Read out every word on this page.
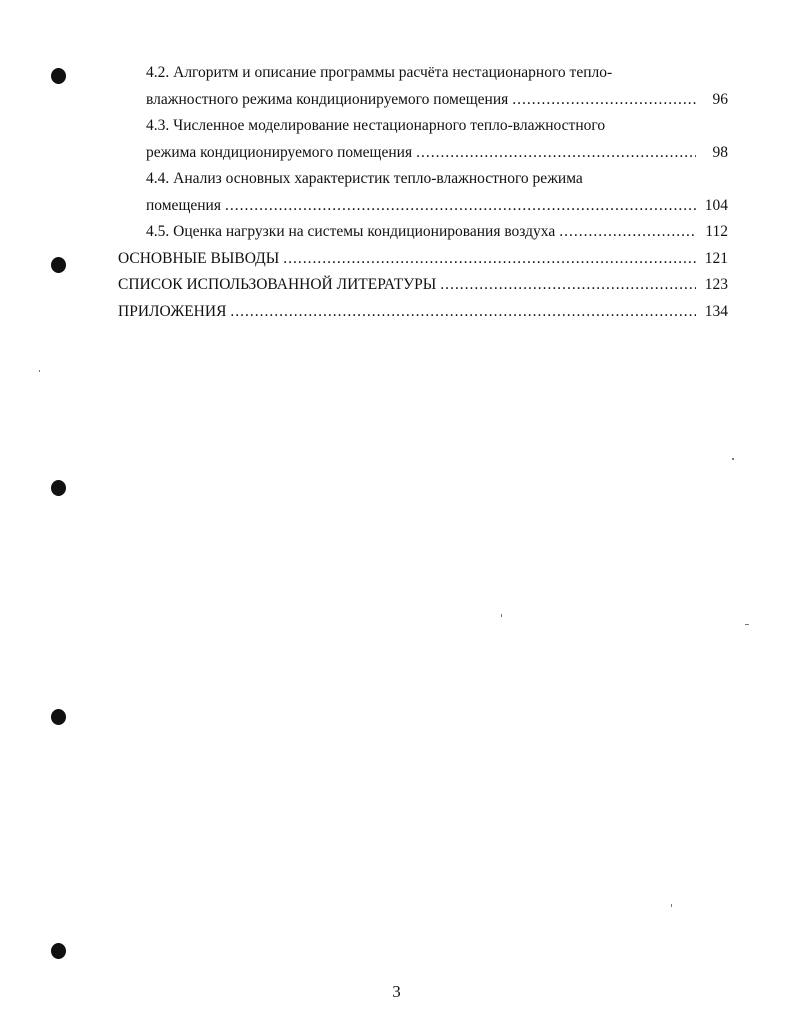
4.2. Алгоритм и описание программы расчёта нестационарного тепло-
влажностного режима кондиционируемого помещения .....	96
4.3. Численное моделирование нестационарного тепло-влажностного
режима кондиционируемого помещения .....	98
4.4. Анализ основных характеристик тепло-влажностного режима
помещения .....	104
4.5. Оценка нагрузки на системы кондиционирования воздуха .....	112
ОСНОВНЫЕ ВЫВОДЫ .....	121
СПИСОК ИСПОЛЬЗОВАННОЙ ЛИТЕРАТУРЫ .....	123
ПРИЛОЖЕНИЯ .....	134
3
